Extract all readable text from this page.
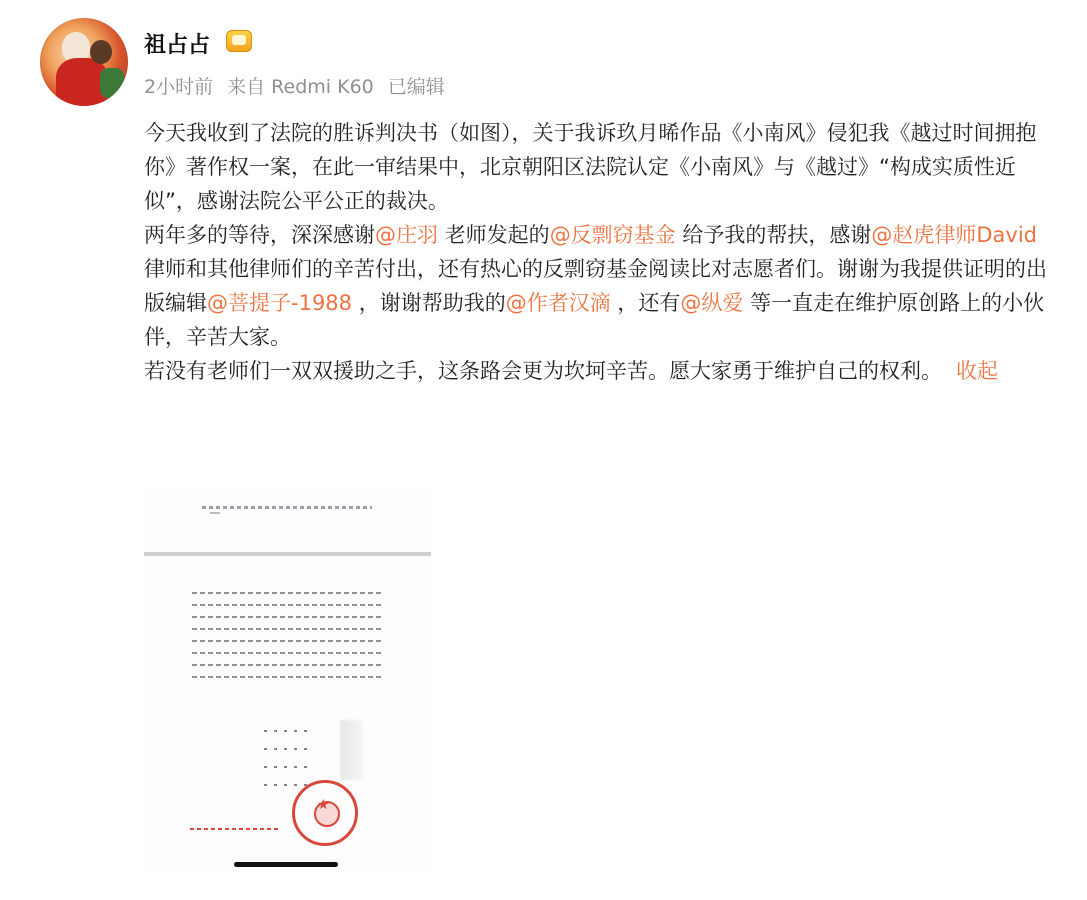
祖占占
2小时前 来自 Redmi K60 已编辑

今天我收到了法院的胜诉判决书（如图），关于我诉玖月晞作品《小南风》侵犯我《越过时间拥抱你》著作权一案，在此一审结果中，北京朝阳区法院认定《小南风》与《越过》“构成实质性近似”，感谢法院公平公正的裁决。

两年多的等待，深深感谢@庄羽 老师发起的@反剽窃基金 给予我的帮扶，感谢@赵虎律师David 律师和其他律师们的辛苦付出，还有热心的反剽窃基金阅读比对志愿者们。谢谢为我提供证明的出版编辑@菩提子-1988 ，谢谢帮助我的@作者汉滴 ，还有@纵爱 等一直走在维护原创路上的小伙伴，辛苦大家。

若没有老师们一双双援助之手，这条路会更为坎坷辛苦。愿大家勇于维护自己的权利。 收起

★
